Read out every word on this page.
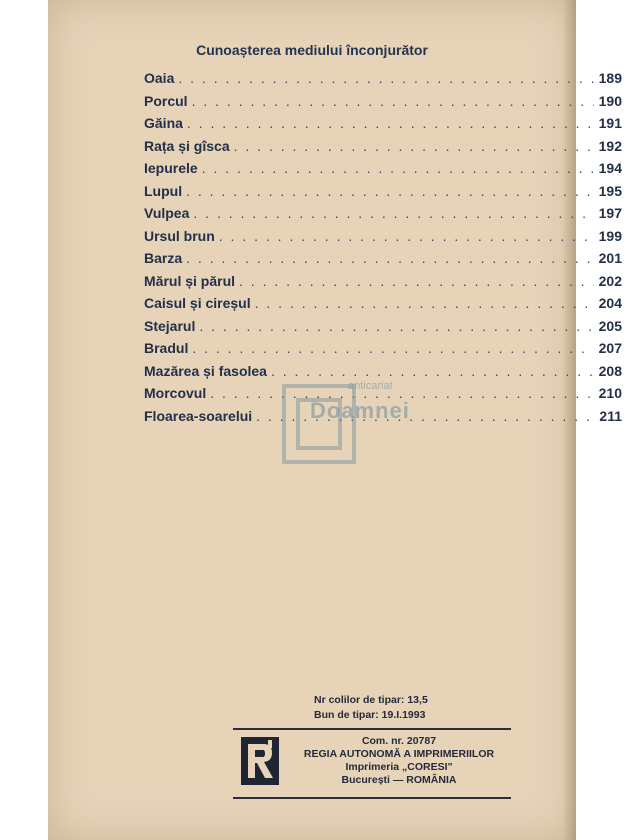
Cunoașterea mediului înconjurător
Oaia . . .	189
Porcul . . .	190
Găina . . .	191
Rața și gîsca . . .	192
Iepurele . . .	194
Lupul . . .	195
Vulpea . . .	197
Ursul brun . . .	199
Barza . . .	201
Mărul și părul . . .	202
Caisul și cireșul . . .	204
Stejarul . . .	205
Bradul . . .	207
Mazărea și fasolea . . .	208
Morcovul . . .	210
Floarea-soarelui . . .	211
anticariat
Doamnei
Nr colilor de tipar: 13,5
Bun de tipar: 19.I.1993
Com. nr. 20787
REGIA AUTONOMĂ A IMPRIMERIILOR
Imprimeria „CORESI"
București — ROMÂNIA
